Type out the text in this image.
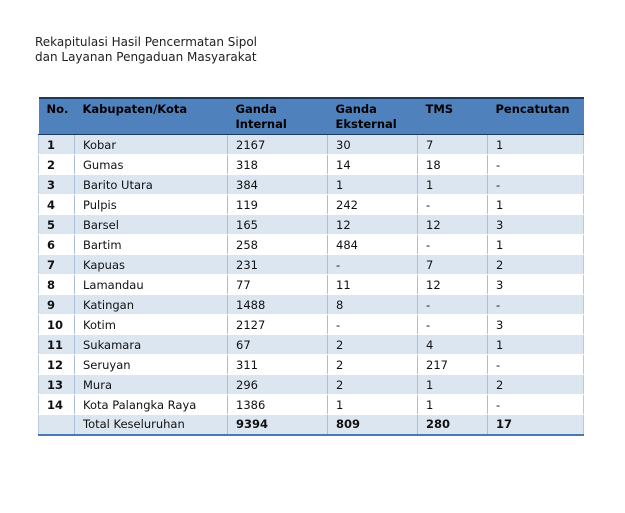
Rekapitulasi Hasil Pencermatan Sipol
dan Layanan Pengaduan Masyarakat
No.	Kabupaten/Kota	Ganda Internal	Ganda Eksternal	TMS	Pencatutan
1	Kobar	2167	30	7	1
2	Gumas	318	14	18	-
3	Barito Utara	384	1	1	-
4	Pulpis	119	242	-	1
5	Barsel	165	12	12	3
6	Bartim	258	484	-	1
7	Kapuas	231	-	7	2
8	Lamandau	77	11	12	3
9	Katingan	1488	8	-	-
10	Kotim	2127	-	-	3
11	Sukamara	67	2	4	1
12	Seruyan	311	2	217	-
13	Mura	296	2	1	2
14	Kota Palangka Raya	1386	1	1	-
	Total Keseluruhan	9394	809	280	17
